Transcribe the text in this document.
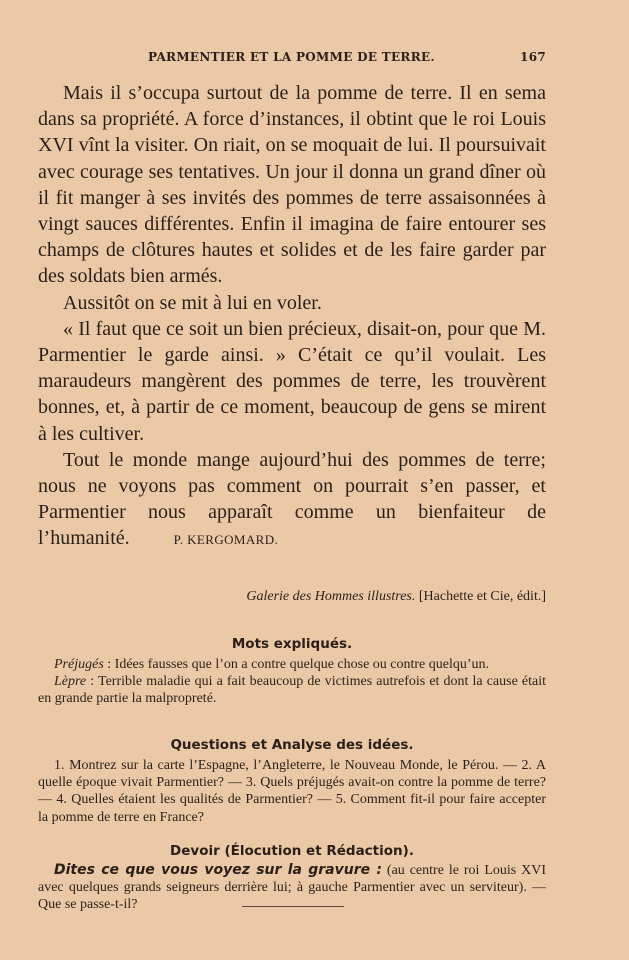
PARMENTIER ET LA POMME DE TERRE.	167

Mais il s’occupa surtout de la pomme de terre. Il en sema dans sa propriété. A force d’instances, il obtint que le roi Louis XVI vînt la visiter. On riait, on se moquait de lui. Il poursuivait avec courage ses tentatives. Un jour il donna un grand dîner où il fit manger à ses invités des pommes de terre assaisonnées à vingt sauces différentes. Enfin il imagina de faire entourer ses champs de clôtures hautes et solides et de les faire garder par des soldats bien armés.

Aussitôt on se mit à lui en voler.

« Il faut que ce soit un bien précieux, disait-on, pour que M. Parmentier le garde ainsi. » C’était ce qu’il voulait. Les maraudeurs mangèrent des pommes de terre, les trouvèrent bonnes, et, à partir de ce moment, beaucoup de gens se mirent à les cultiver.

Tout le monde mange aujourd’hui des pommes de terre; nous ne voyons pas comment on pourrait s’en passer, et Parmentier nous apparaît comme un bienfaiteur de l’humanité.	P. KERGOMARD.

Galerie des Hommes illustres. [Hachette et Cie, édit.]
Mots expliqués.

Préjugés : Idées fausses que l’on a contre quelque chose ou contre quelqu’un.

Lèpre : Terrible maladie qui a fait beaucoup de victimes autrefois et dont la cause était en grande partie la malpropreté.

Questions et Analyse des idées.

1. Montrez sur la carte l’Espagne, l’Angleterre, le Nouveau Monde, le Pérou. — 2. A quelle époque vivait Parmentier? — 3. Quels préjugés avait-on contre la pomme de terre? — 4. Quelles étaient les qualités de Parmentier? — 5. Comment fit-il pour faire accepter la pomme de terre en France?

Devoir (Élocution et Rédaction).

Dites ce que vous voyez sur la gravure : (au centre le roi Louis XVI avec quelques grands seigneurs derrière lui; à gauche Parmentier avec un serviteur). — Que se passe-t-il?
